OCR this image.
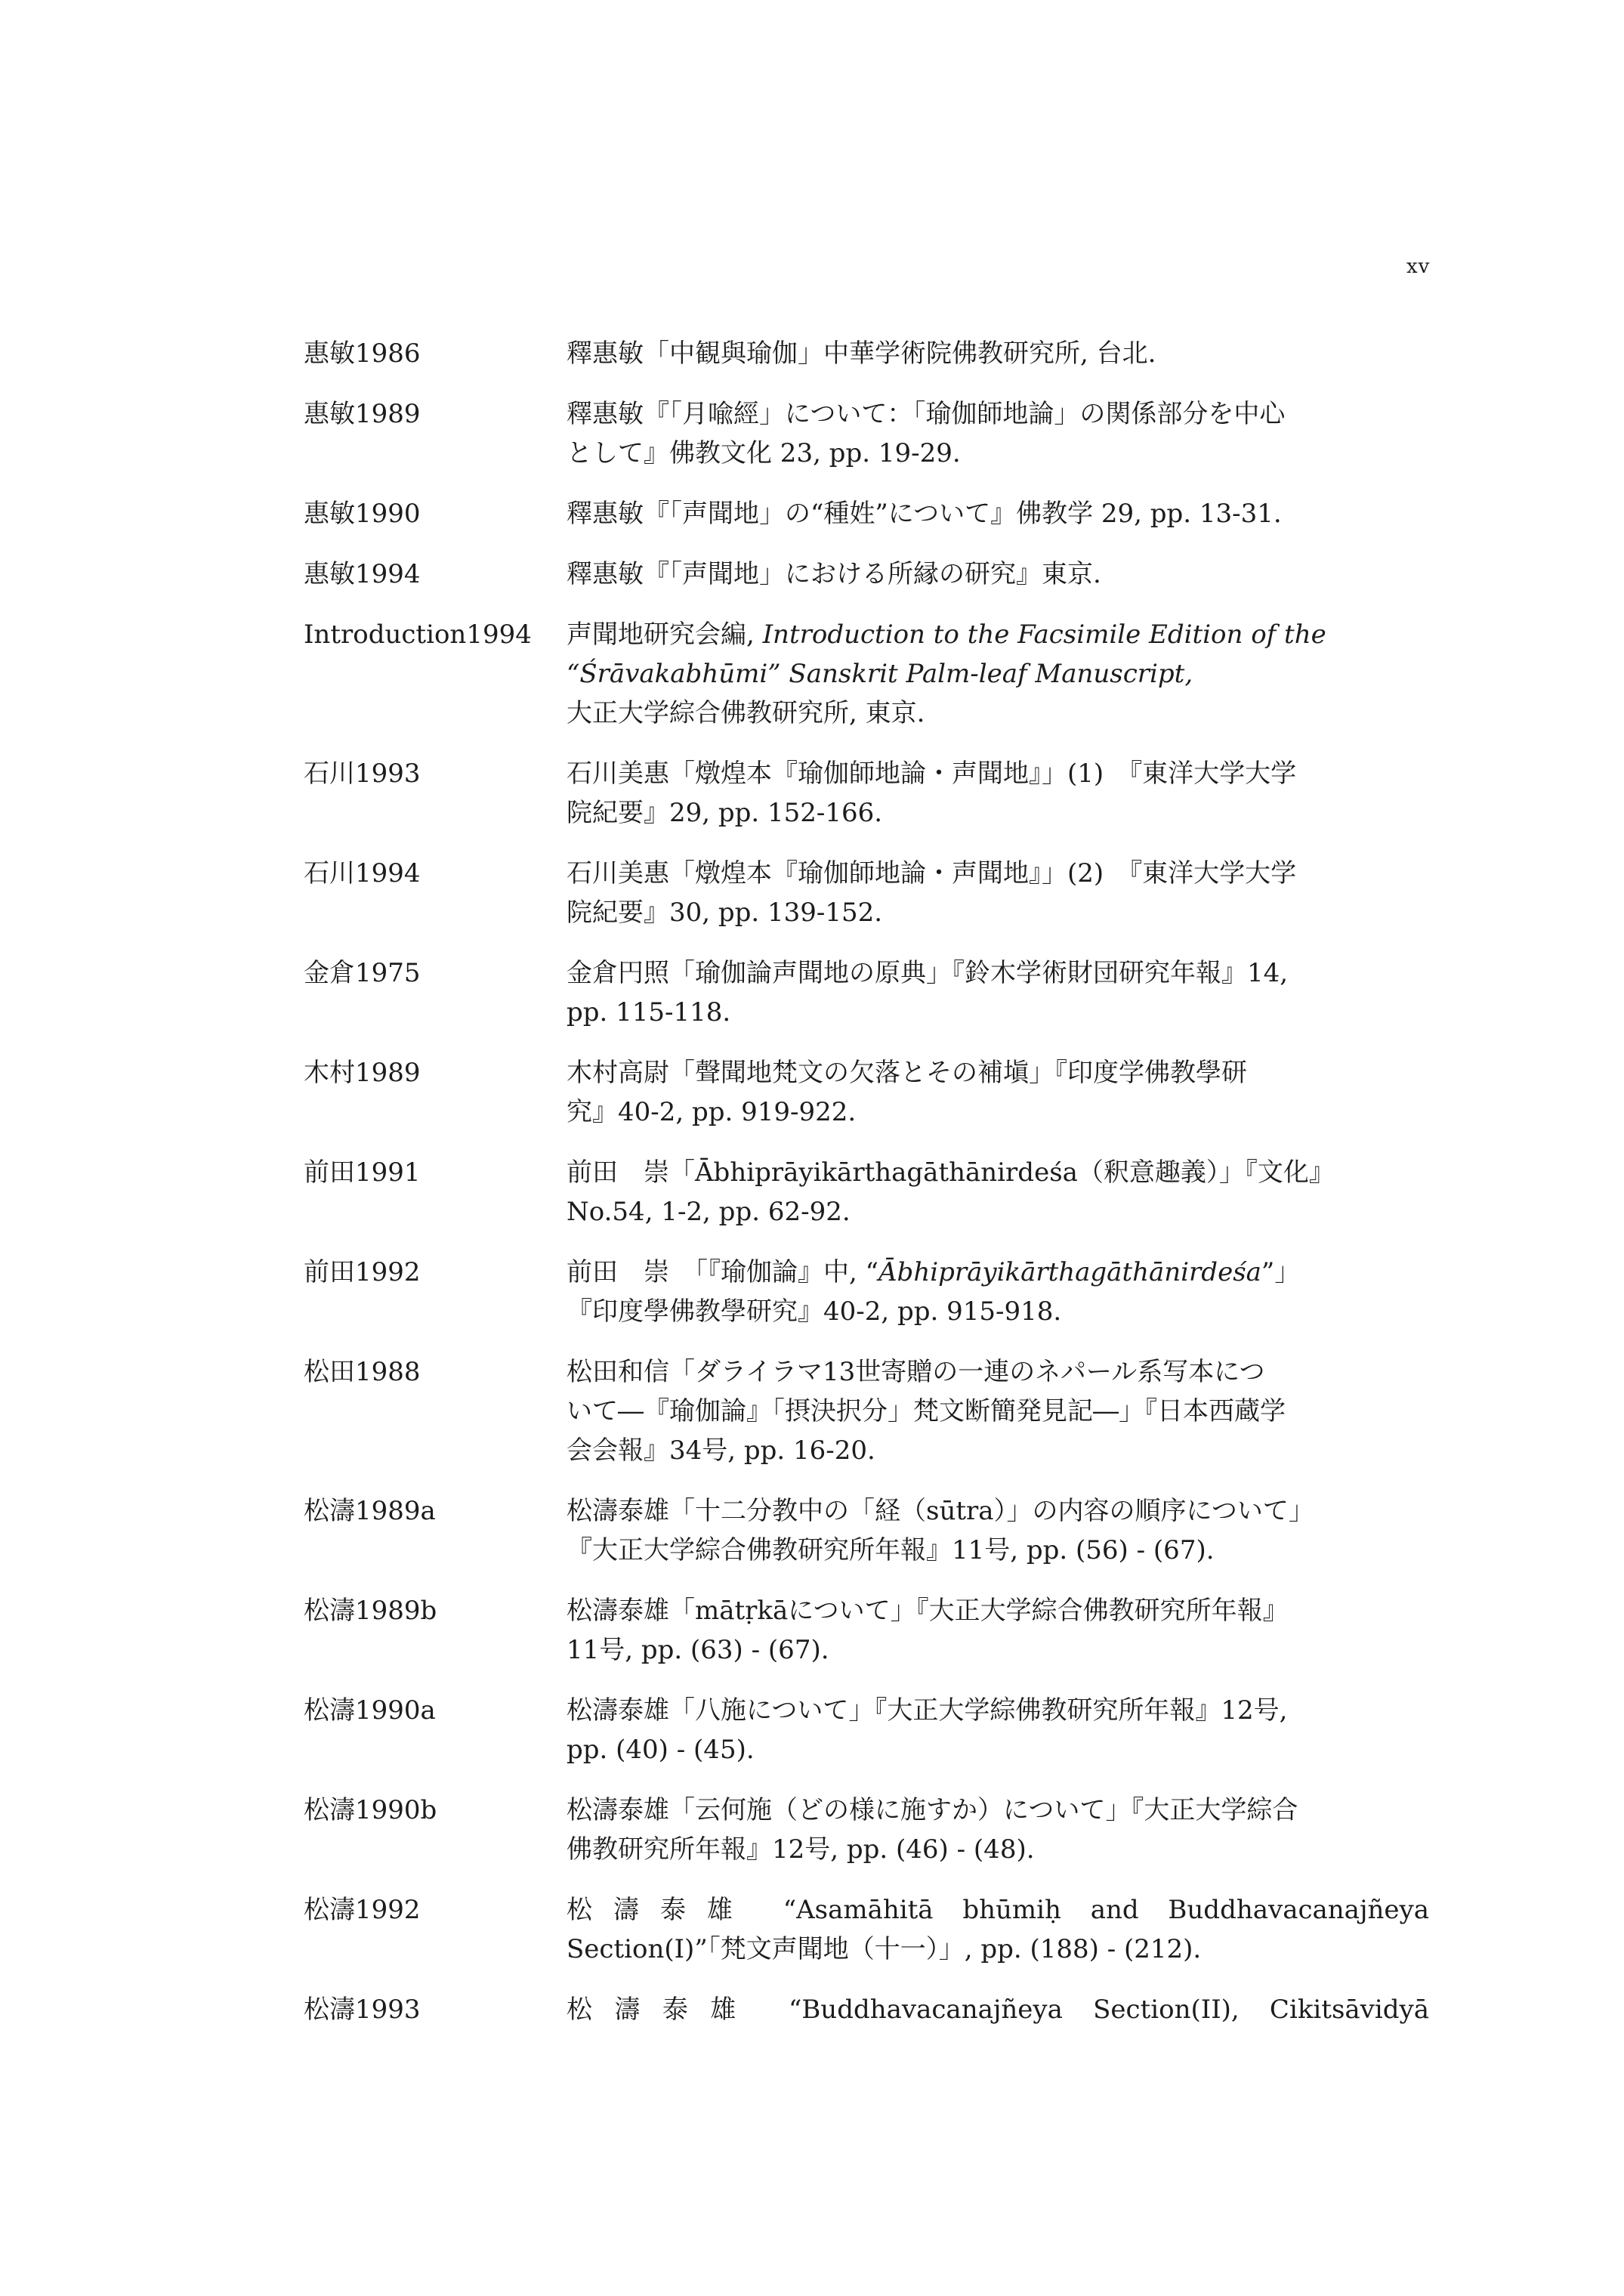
xv
惠敏1986	釋惠敏「中観與瑜伽」中華学術院佛教研究所, 台北.
惠敏1989	釋惠敏『「月喩經」について：「瑜伽師地論」の関係部分を中心
として』佛教文化 23, pp. 19-29.
惠敏1990	釋惠敏『「声聞地」の“種姓”について』佛教学 29, pp. 13-31.
惠敏1994	釋惠敏『「声聞地」における所縁の研究』東京.
Introduction1994	声聞地研究会編, Introduction to the Facsimile Edition of the
“Śrāvakabhūmi” Sanskrit Palm-leaf Manuscript,
大正大学綜合佛教研究所, 東京.
石川1993	石川美惠「燉煌本『瑜伽師地論・声聞地』」(1)　『東洋大学大学
院紀要』29, pp. 152-166.
石川1994	石川美惠「燉煌本『瑜伽師地論・声聞地』」(2)　『東洋大学大学
院紀要』30, pp. 139-152.
金倉1975	金倉円照「瑜伽論声聞地の原典」『鈴木学術財団研究年報』14,
pp. 115-118.
木村1989	木村高尉「聲聞地梵文の欠落とその補塡」『印度学佛教學研
究』40-2, pp. 919-922.
前田1991	前田　崇「Ābhiprāyikārthagāthānirdeśa（釈意趣義）」『文化』
No.54, 1-2, pp. 62-92.
前田1992	前田　崇　「『瑜伽論』中, “Ābhiprāyikārthagāthānirdeśa”」
『印度學佛教學研究』40-2, pp. 915-918.
松田1988	松田和信「ダライラマ13世寄贈の一連のネパール系写本につ
いて―『瑜伽論』「摂決択分」梵文断簡発見記―」『日本西蔵学
会会報』34号, pp. 16-20.
松濤1989a	松濤泰雄「十二分教中の「経（sūtra）」の内容の順序について」
『大正大学綜合佛教研究所年報』11号, pp. (56) - (67).
松濤1989b	松濤泰雄「mātṛkāについて」『大正大学綜合佛教研究所年報』
11号, pp. (63) - (67).
松濤1990a	松濤泰雄「八施について」『大正大学綜佛教研究所年報』12号,
pp. (40) - (45).
松濤1990b	松濤泰雄「云何施（どの様に施すか）について」『大正大学綜合
佛教研究所年報』12号, pp. (46) - (48).
松濤1992	松濤泰雄 “Asamāhitā bhūmiḥ and Buddhavacanajñeya
Section(I)”「梵文声聞地（十一）」, pp. (188) - (212).
松濤1993	松濤泰雄 “Buddhavacanajñeya Section(II), Cikitsāvidyā
